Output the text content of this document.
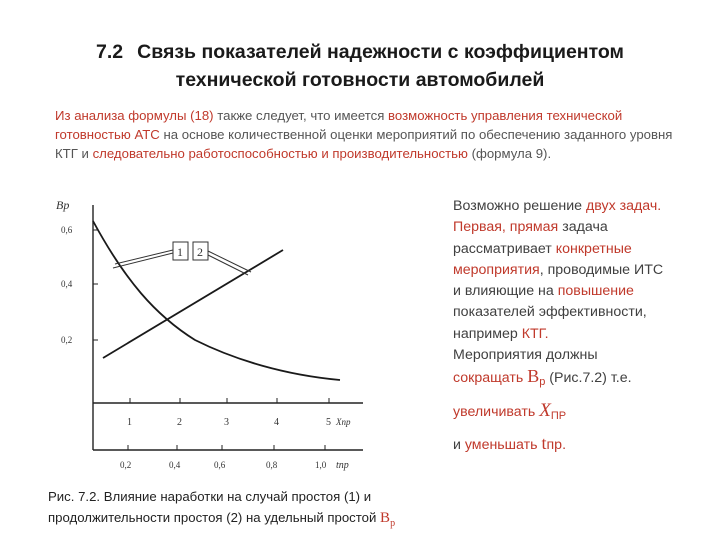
7.2 Связь показателей надежности с коэффициентом
технической готовности автомобилей
Из анализа формулы (18) также следует, что имеется возможность управления технической готовностью АТС на основе количественной оценки мероприятий по обеспечению заданного уровня КТГ и следовательно работоспособностью и производительностью (формула 9).
Bр
0,6
0,4
0,2
1	2	3	4	5 Xпр
0,2	0,4	0,6	0,8	1,0 tпр
1 2
Возможно решение двух задач.
Первая, прямая задача
рассматривает конкретные
мероприятия, проводимые ИТС
и влияющие на повышение
показателей эффективности,
например КТГ.
Мероприятия должны
сокращать $B_р$ (Рис.7.2) т.е.
увеличивать $X_{ПР}$
и уменьшать tпр.
Рис. 7.2. Влияние наработки на случай простоя (1) и
продолжительности простоя (2) на удельный простой $B_р$
